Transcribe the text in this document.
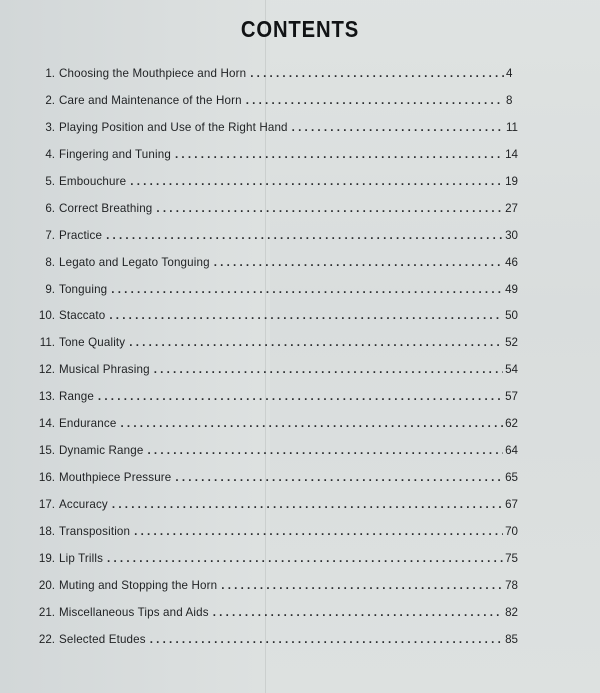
CONTENTS
1. Choosing the Mouthpiece and Horn . . .	4
2. Care and Maintenance of the Horn . . .	8
3. Playing Position and Use of the Right Hand . . .	11
4. Fingering and Tuning . . .	14
5. Embouchure . . .	19
6. Correct Breathing . . .	27
7. Practice . . .	30
8. Legato and Legato Tonguing . . .	46
9. Tonguing . . .	49
10. Staccato . . .	50
11. Tone Quality . . .	52
12. Musical Phrasing . . .	54
13. Range . . .	57
14. Endurance . . .	62
15. Dynamic Range . . .	64
16. Mouthpiece Pressure . . .	65
17. Accuracy . . .	67
18. Transposition . . .	70
19. Lip Trills . . .	75
20. Muting and Stopping the Horn . . .	78
21. Miscellaneous Tips and Aids . . .	82
22. Selected Etudes . . .	85
